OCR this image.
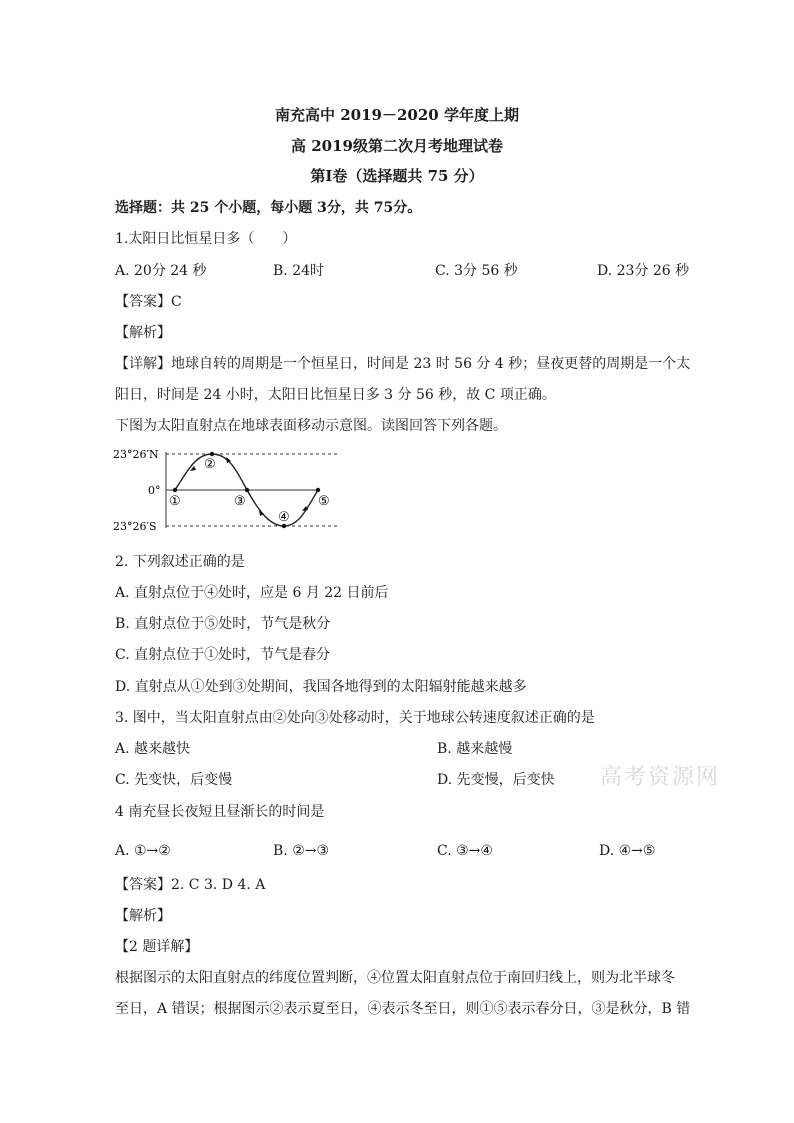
南充高中 2019－2020 学年度上期
高 2019级第二次月考地理试卷
第Ⅰ卷（选择题共 75 分）
选择题：共 25 个小题，每小题 3分，共 75分。
1.太阳日比恒星日多（　　）
A. 20分 24 秒	B. 24时	C. 3分 56 秒	D. 23分 26 秒
【答案】C
【解析】
【详解】地球自转的周期是一个恒星日，时间是 23 时 56 分 4 秒；昼夜更替的周期是一个太
阳日，时间是 24 小时，太阳日比恒星日多 3 分 56 秒，故 C 项正确。
下图为太阳直射点在地球表面移动示意图。读图回答下列各题。
23°26′N
0°
23°26′S
①
②
③
④
⑤
2. 下列叙述正确的是
A. 直射点位于④处时，应是 6 月 22 日前后
B. 直射点位于⑤处时，节气是秋分
C. 直射点位于①处时，节气是春分
D. 直射点从①处到③处期间，我国各地得到的太阳辐射能越来越多
3. 图中，当太阳直射点由②处向③处移动时，关于地球公转速度叙述正确的是
A. 越来越快	B. 越来越慢
C. 先变快，后变慢	D. 先变慢，后变快 高考资源网
4 南充昼长夜短且昼渐长的时间是
A. ①→②	B. ②→③	C. ③→④	D. ④→⑤
【答案】2. C 3. D 4. A
【解析】
【2 题详解】
根据图示的太阳直射点的纬度位置判断，④位置太阳直射点位于南回归线上，则为北半球冬
至日，A 错误；根据图示②表示夏至日，④表示冬至日，则①⑤表示春分日，③是秋分，B 错
